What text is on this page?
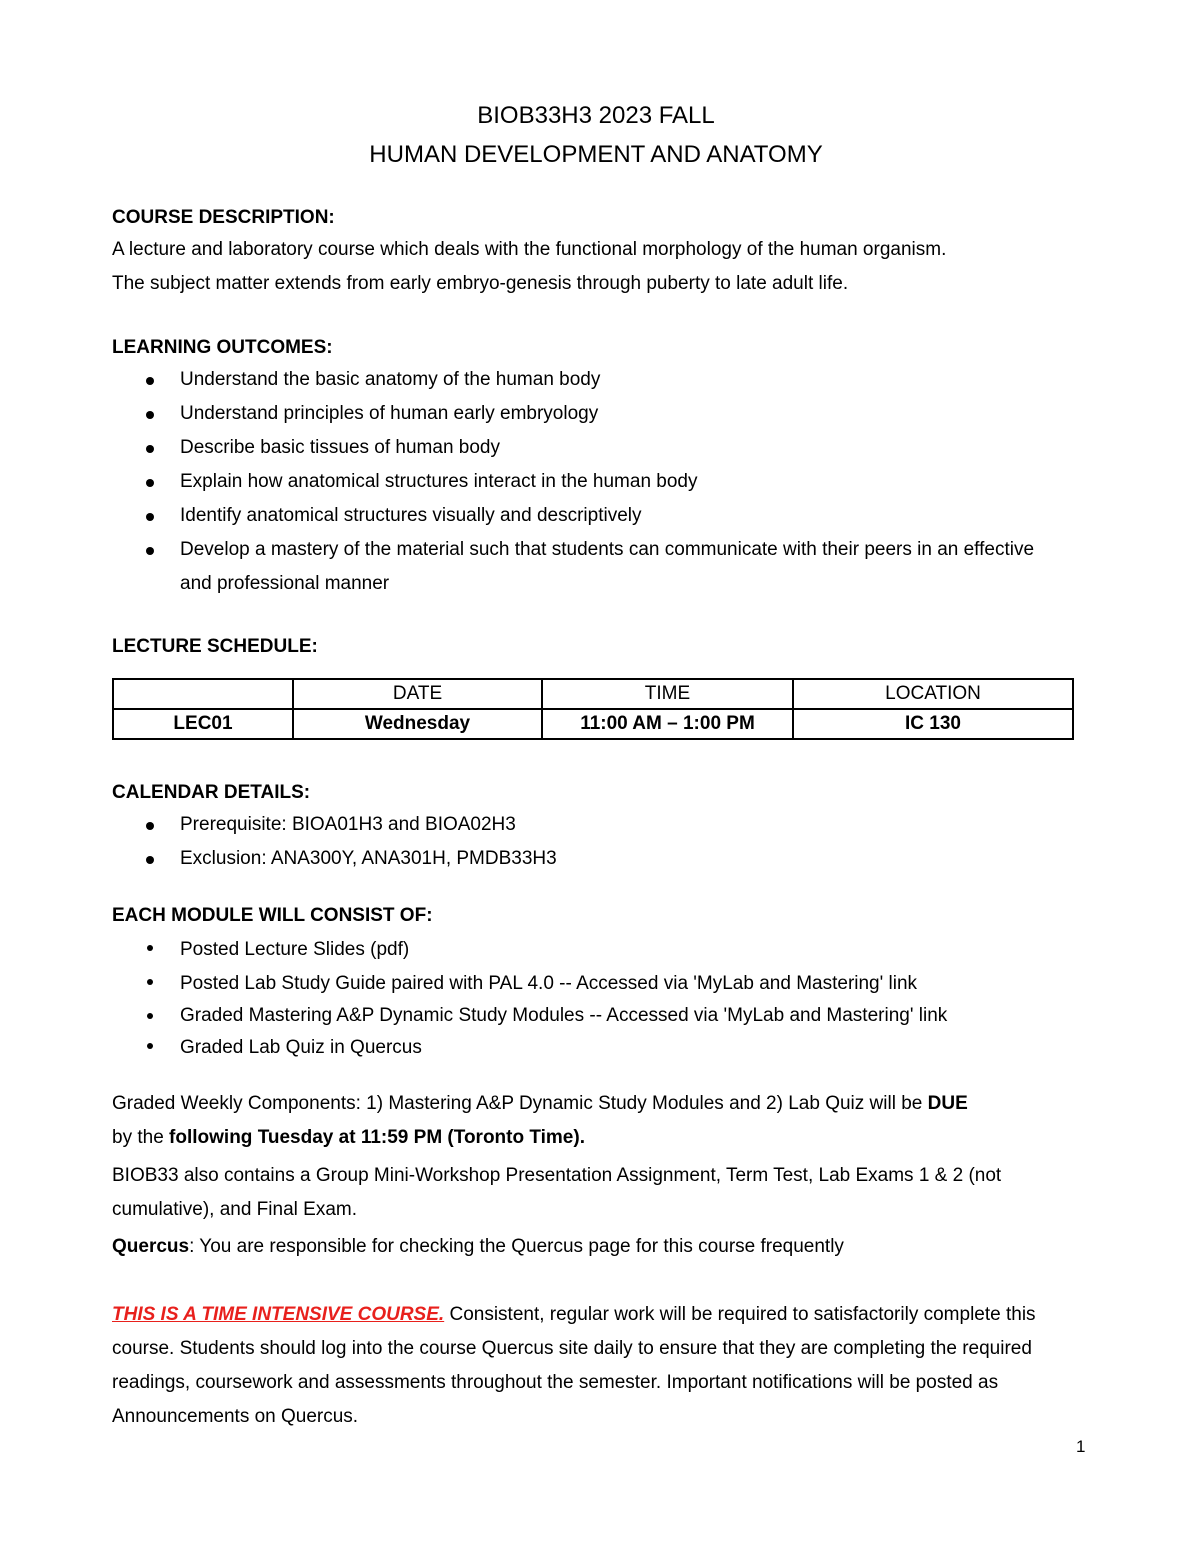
BIOB33H3 2023 FALL
HUMAN DEVELOPMENT AND ANATOMY
COURSE DESCRIPTION:

A lecture and laboratory course which deals with the functional morphology of the human organism.

The subject matter extends from early embryo-genesis through puberty to late adult life.

LEARNING OUTCOMES:
Understand the basic anatomy of the human body
Understand principles of human early embryology
Describe basic tissues of human body
Explain how anatomical structures interact in the human body
Identify anatomical structures visually and descriptively
Develop a mastery of the material such that students can communicate with their peers in an effective and professional manner
LECTURE SCHEDULE:
	DATE	TIME	LOCATION
LEC01	Wednesday	11:00 AM – 1:00 PM	IC 130
CALENDAR DETAILS:
Prerequisite: BIOA01H3 and BIOA02H3
Exclusion: ANA300Y, ANA301H, PMDB33H3
EACH MODULE WILL CONSIST OF:
Posted Lecture Slides (pdf)
Posted Lab Study Guide paired with PAL 4.0 -- Accessed via 'MyLab and Mastering' link
Graded Mastering A&P Dynamic Study Modules -- Accessed via 'MyLab and Mastering' link
Graded Lab Quiz in Quercus

Graded Weekly Components: 1) Mastering A&P Dynamic Study Modules and 2) Lab Quiz will be DUE
by the following Tuesday at 11:59 PM (Toronto Time).

BIOB33 also contains a Group Mini-Workshop Presentation Assignment, Term Test, Lab Exams 1 & 2 (not cumulative), and Final Exam.

Quercus: You are responsible for checking the Quercus page for this course frequently

THIS IS A TIME INTENSIVE COURSE. Consistent, regular work will be required to satisfactorily complete this course. Students should log into the course Quercus site daily to ensure that they are completing the required readings, coursework and assessments throughout the semester. Important notifications will be posted as Announcements on Quercus.

1
